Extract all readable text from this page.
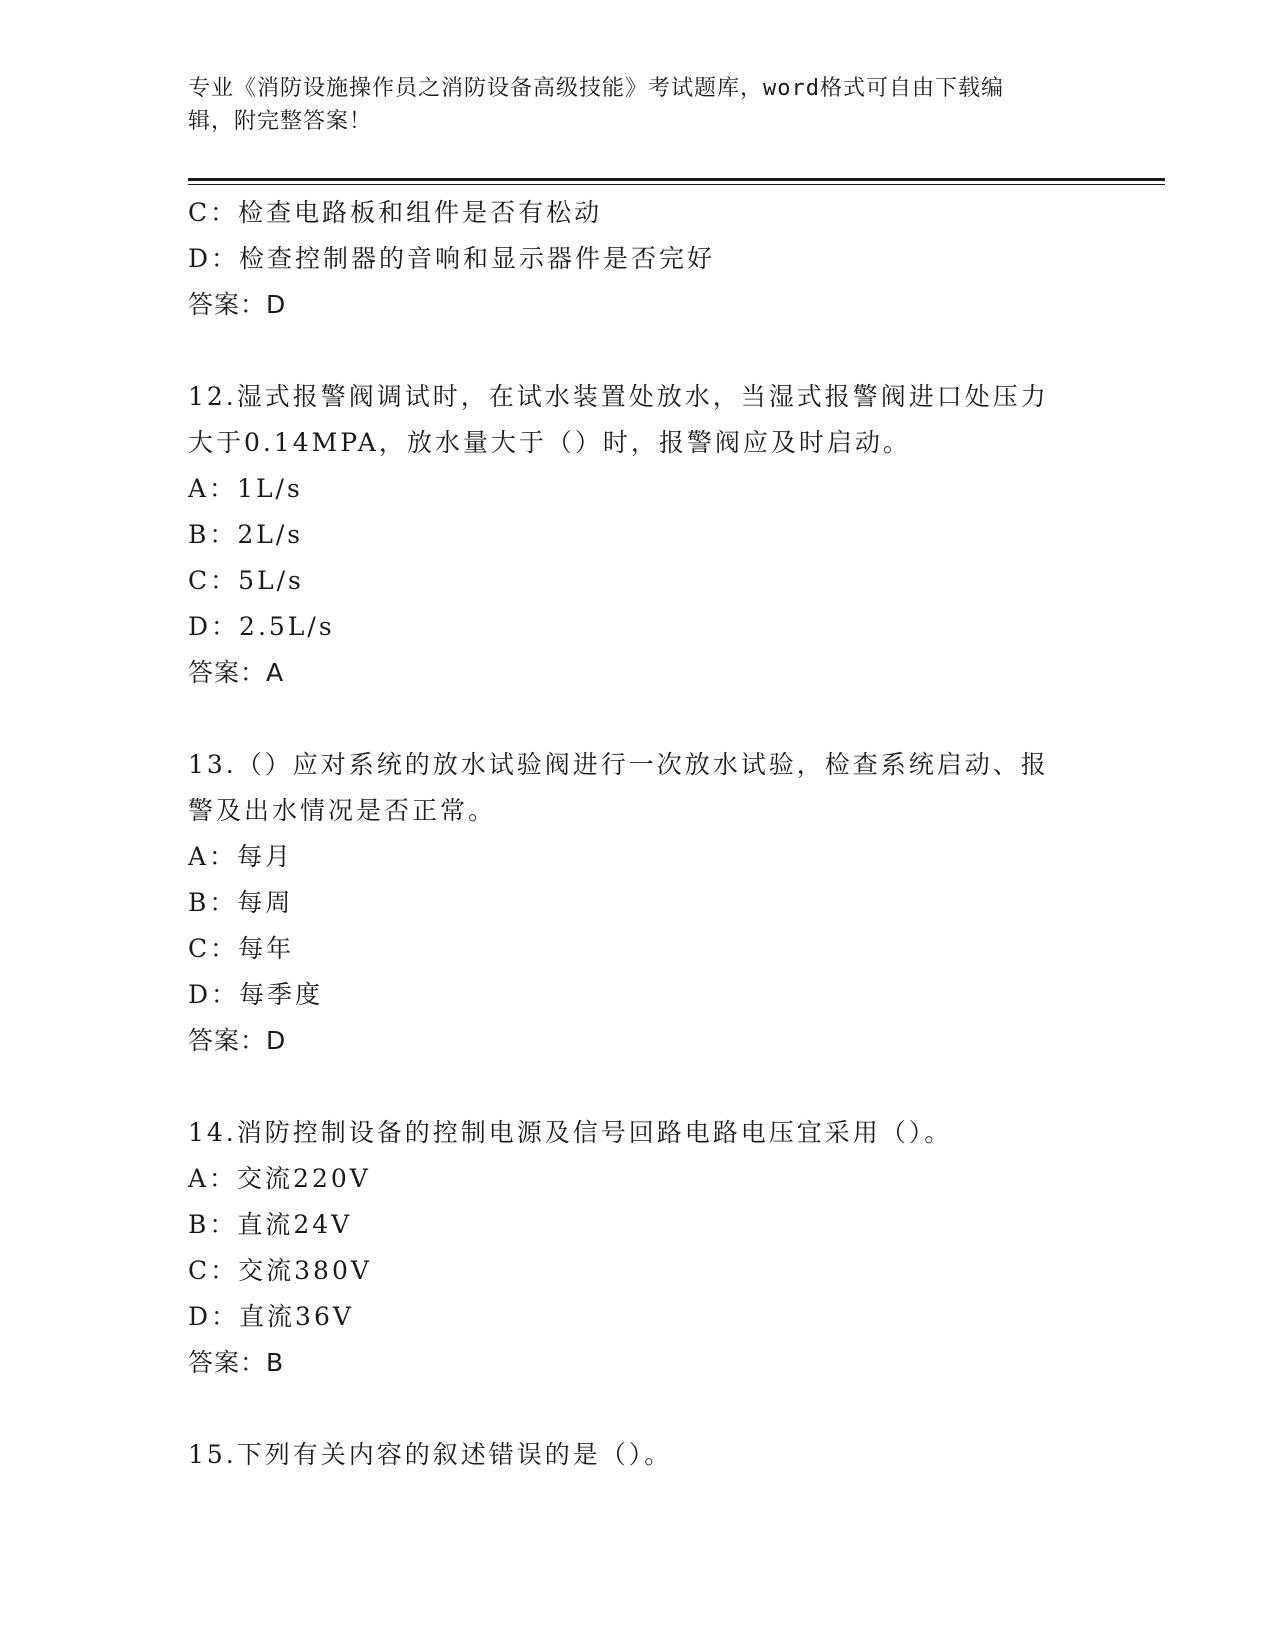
专业《消防设施操作员之消防设备高级技能》考试题库，word格式可自由下载编
辑，附完整答案！
C：检查电路板和组件是否有松动
D：检查控制器的音响和显示器件是否完好
答案：D
12.湿式报警阀调试时，在试水装置处放水，当湿式报警阀进口处压力
大于0.14MPA，放水量大于（）时，报警阀应及时启动。
A：1L/s
B：2L/s
C：5L/s
D：2.5L/s
答案：A
13.（）应对系统的放水试验阀进行一次放水试验，检查系统启动、报
警及出水情况是否正常。
A：每月
B：每周
C：每年
D：每季度
答案：D
14.消防控制设备的控制电源及信号回路电路电压宜采用（）。
A：交流220V
B：直流24V
C：交流380V
D：直流36V
答案：B
15.下列有关内容的叙述错误的是（）。
